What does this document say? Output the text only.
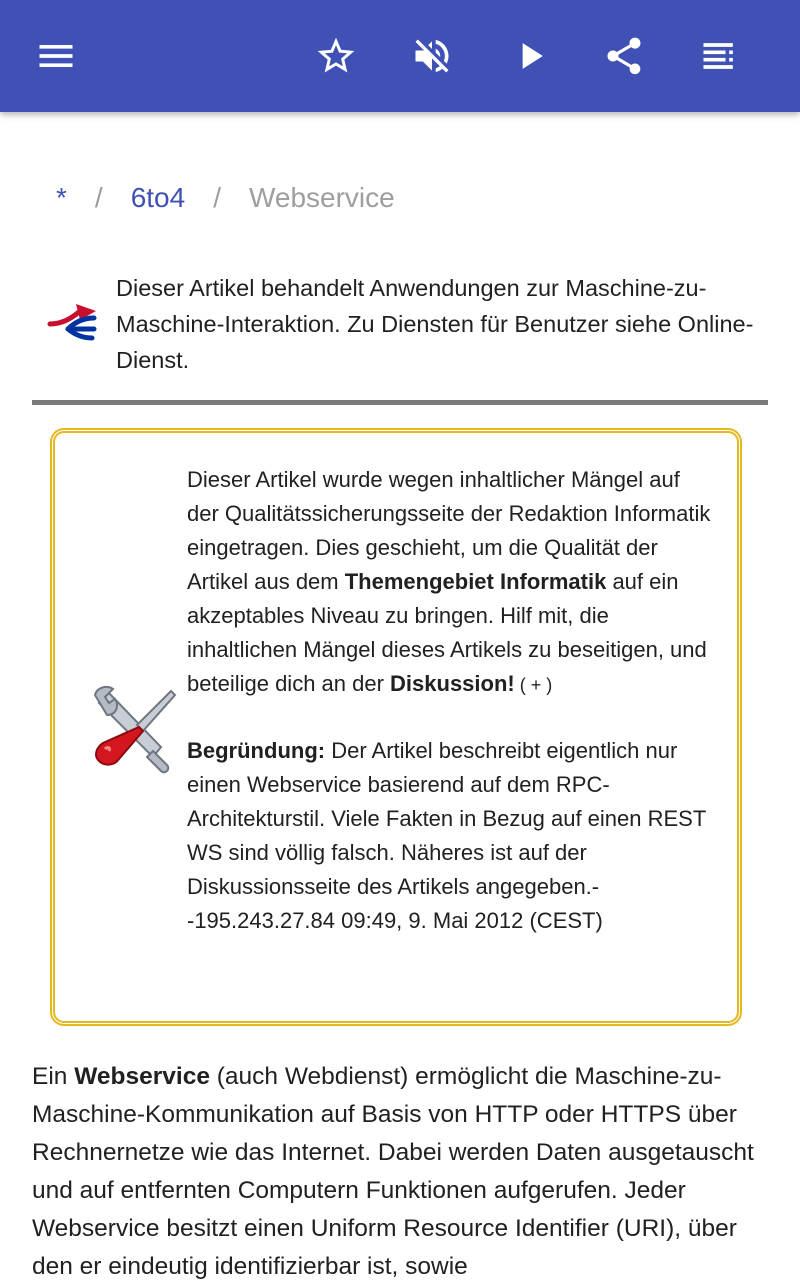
* / 6to4 / Webservice
Dieser Artikel behandelt Anwendungen zur Maschine-zu-Maschine-Interaktion. Zu Diensten für Benutzer siehe Online-Dienst.
Dieser Artikel wurde wegen inhaltlicher Mängel auf der Qualitätssicherungsseite der Redaktion Informatik eingetragen. Dies geschieht, um die Qualität der Artikel aus dem Themengebiet Informatik auf ein akzeptables Niveau zu bringen. Hilf mit, die inhaltlichen Mängel dieses Artikels zu beseitigen, und beteilige dich an der Diskussion! ( + )
Begründung: Der Artikel beschreibt eigentlich nur einen Webservice basierend auf dem RPC-Architekturstil. Viele Fakten in Bezug auf einen REST WS sind völlig falsch. Näheres ist auf der Diskussionsseite des Artikels angegeben.--195.243.27.84 09:49, 9. Mai 2012 (CEST)
Ein Webservice (auch Webdienst) ermöglicht die Maschine-zu-Maschine-Kommunikation auf Basis von HTTP oder HTTPS über Rechnernetze wie das Internet. Dabei werden Daten ausgetauscht und auf entfernten Computern Funktionen aufgerufen. Jeder Webservice besitzt einen Uniform Resource Identifier (URI), über den er eindeutig identifizierbar ist, sowie
